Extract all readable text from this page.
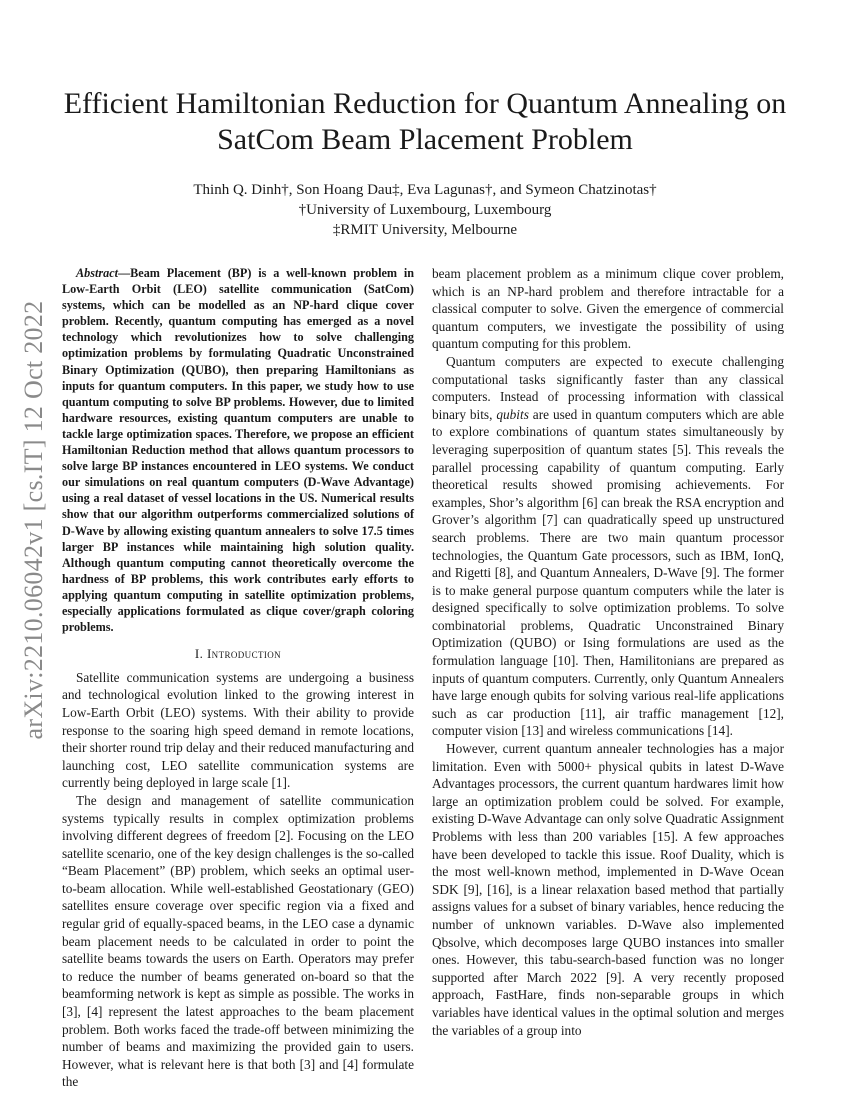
arXiv:2210.06042v1 [cs.IT] 12 Oct 2022
Efficient Hamiltonian Reduction for Quantum Annealing on SatCom Beam Placement Problem
Thinh Q. Dinh†, Son Hoang Dau‡, Eva Lagunas†, and Symeon Chatzinotas†
†University of Luxembourg, Luxembourg
‡RMIT University, Melbourne

Abstract—Beam Placement (BP) is a well-known problem in Low-Earth Orbit (LEO) satellite communication (SatCom) systems, which can be modelled as an NP-hard clique cover problem. Recently, quantum computing has emerged as a novel technology which revolutionizes how to solve challenging optimization problems by formulating Quadratic Unconstrained Binary Optimization (QUBO), then preparing Hamiltonians as inputs for quantum computers. In this paper, we study how to use quantum computing to solve BP problems. However, due to limited hardware resources, existing quantum computers are unable to tackle large optimization spaces. Therefore, we propose an efficient Hamiltonian Reduction method that allows quantum processors to solve large BP instances encountered in LEO systems. We conduct our simulations on real quantum computers (D-Wave Advantage) using a real dataset of vessel locations in the US. Numerical results show that our algorithm outperforms commercialized solutions of D-Wave by allowing existing quantum annealers to solve 17.5 times larger BP instances while maintaining high solution quality. Although quantum computing cannot theoretically overcome the hardness of BP problems, this work contributes early efforts to applying quantum computing in satellite optimization problems, especially applications formulated as clique cover/graph coloring problems.

I. Introduction

Satellite communication systems are undergoing a business and technological evolution linked to the growing interest in Low-Earth Orbit (LEO) systems. With their ability to provide response to the soaring high speed demand in remote locations, their shorter round trip delay and their reduced manufacturing and launching cost, LEO satellite communication systems are currently being deployed in large scale [1].

The design and management of satellite communication systems typically results in complex optimization problems involving different degrees of freedom [2]. Focusing on the LEO satellite scenario, one of the key design challenges is the so-called “Beam Placement” (BP) problem, which seeks an optimal user-to-beam allocation. While well-established Geostationary (GEO) satellites ensure coverage over specific region via a fixed and regular grid of equally-spaced beams, in the LEO case a dynamic beam placement needs to be calculated in order to point the satellite beams towards the users on Earth. Operators may prefer to reduce the number of beams generated on-board so that the beamforming network is kept as simple as possible. The works in [3], [4] represent the latest approaches to the beam placement problem. Both works faced the trade-off between minimizing the number of beams and maximizing the provided gain to users. However, what is relevant here is that both [3] and [4] formulate the

beam placement problem as a minimum clique cover problem, which is an NP-hard problem and therefore intractable for a classical computer to solve. Given the emergence of commercial quantum computers, we investigate the possibility of using quantum computing for this problem.

Quantum computers are expected to execute challenging computational tasks significantly faster than any classical computers. Instead of processing information with classical binary bits, qubits are used in quantum computers which are able to explore combinations of quantum states simultaneously by leveraging superposition of quantum states [5]. This reveals the parallel processing capability of quantum computing. Early theoretical results showed promising achievements. For examples, Shor’s algorithm [6] can break the RSA encryption and Grover’s algorithm [7] can quadratically speed up unstructured search problems. There are two main quantum processor technologies, the Quantum Gate processors, such as IBM, IonQ, and Rigetti [8], and Quantum Annealers, D-Wave [9]. The former is to make general purpose quantum computers while the later is designed specifically to solve optimization problems. To solve combinatorial problems, Quadratic Unconstrained Binary Optimization (QUBO) or Ising formulations are used as the formulation language [10]. Then, Hamilitonians are prepared as inputs of quantum computers. Currently, only Quantum Annealers have large enough qubits for solving various real-life applications such as car production [11], air traffic management [12], computer vision [13] and wireless communications [14].

However, current quantum annealer technologies has a major limitation. Even with 5000+ physical qubits in latest D-Wave Advantages processors, the current quantum hardwares limit how large an optimization problem could be solved. For example, existing D-Wave Advantage can only solve Quadratic Assignment Problems with less than 200 variables [15]. A few approaches have been developed to tackle this issue. Roof Duality, which is the most well-known method, implemented in D-Wave Ocean SDK [9], [16], is a linear relaxation based method that partially assigns values for a subset of binary variables, hence reducing the number of unknown variables. D-Wave also implemented Qbsolve, which decomposes large QUBO instances into smaller ones. However, this tabu-search-based function was no longer supported after March 2022 [9]. A very recently proposed approach, FastHare, finds non-separable groups in which variables have identical values in the optimal solution and merges the variables of a group into
